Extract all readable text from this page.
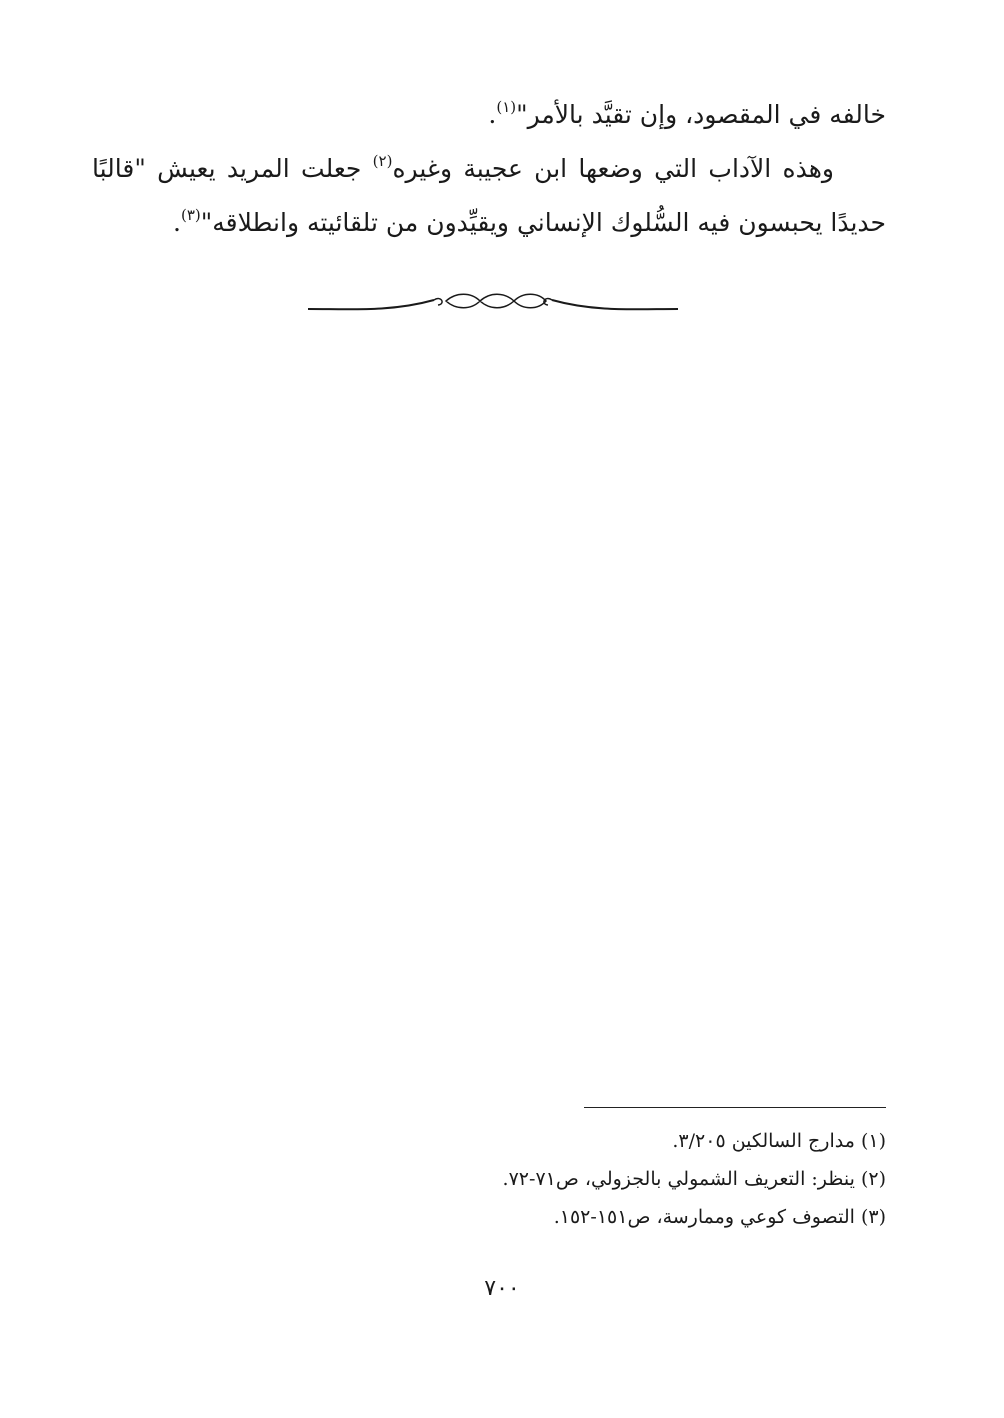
خالفه في المقصود، وإن تقيَّد بالأمر"$^{(١)}$.

وهذه الآداب التي وضعها ابن عجيبة وغيره$^{(٢)}$ جعلت المريد يعيش "قالبًا حديدًا يحبسون فيه السُّلوك الإنساني ويقيِّدون من تلقائيته وانطلاقه"$^{(٣)}$.

(١) مدارج السالكين ٣/٢٠٥.
(٢) ينظر: التعريف الشمولي بالجزولي، ص٧١-٧٢.
(٣) التصوف كوعي وممارسة، ص١٥١-١٥٢.
٧٠٠
